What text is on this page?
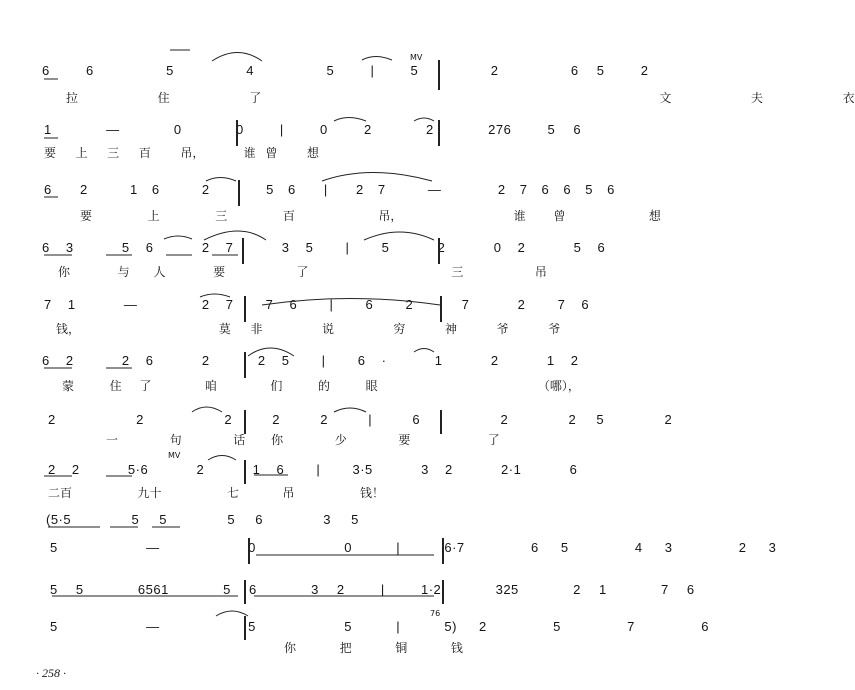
6  6    5    4    5  |  5    2    6 5  2
拉  住  了          文  夫  衣
1   —   0   0  |  0  2   2   276  5 6
要  上  三  百   吊，    谁 曾   想
6  2   1 6   2    5 6  |  2 7   —    2 7 6 6 5 6
要  上  三  百   吊，    谁 曾   想
6 3   5 6   2 7   3 5  |  5   2   0 2   5 6
你  与 人  要   了      三   吊
7 1   —    2 7  7 6  |  6  2   7   2  7 6
钱，       莫 非   说   穷  神  爷  爷
6 2   2 6   2   2 5  |  6 ·   1   2   1 2
蒙  住 了   咱   们  的  眼         （哪），
2    2    2  2  2  |  6    2   2 5   2
一  句  话 你  少  要   了
2 2   5·6   2   1 6  |  3·5   3 2   2·1   6
二百   九十   七  吊   钱！
(5·5   5 5   5 6   3 5
5    —    0    0  |  6·7   6 5   4 3   2 3
5 5   6561   5 6   3 2  |  1·2   325   2 1   7 6
5    —    5    5  |  5) 2   5   7   6
你  把  铜  钱
MV
MV
76
· 258 ·
